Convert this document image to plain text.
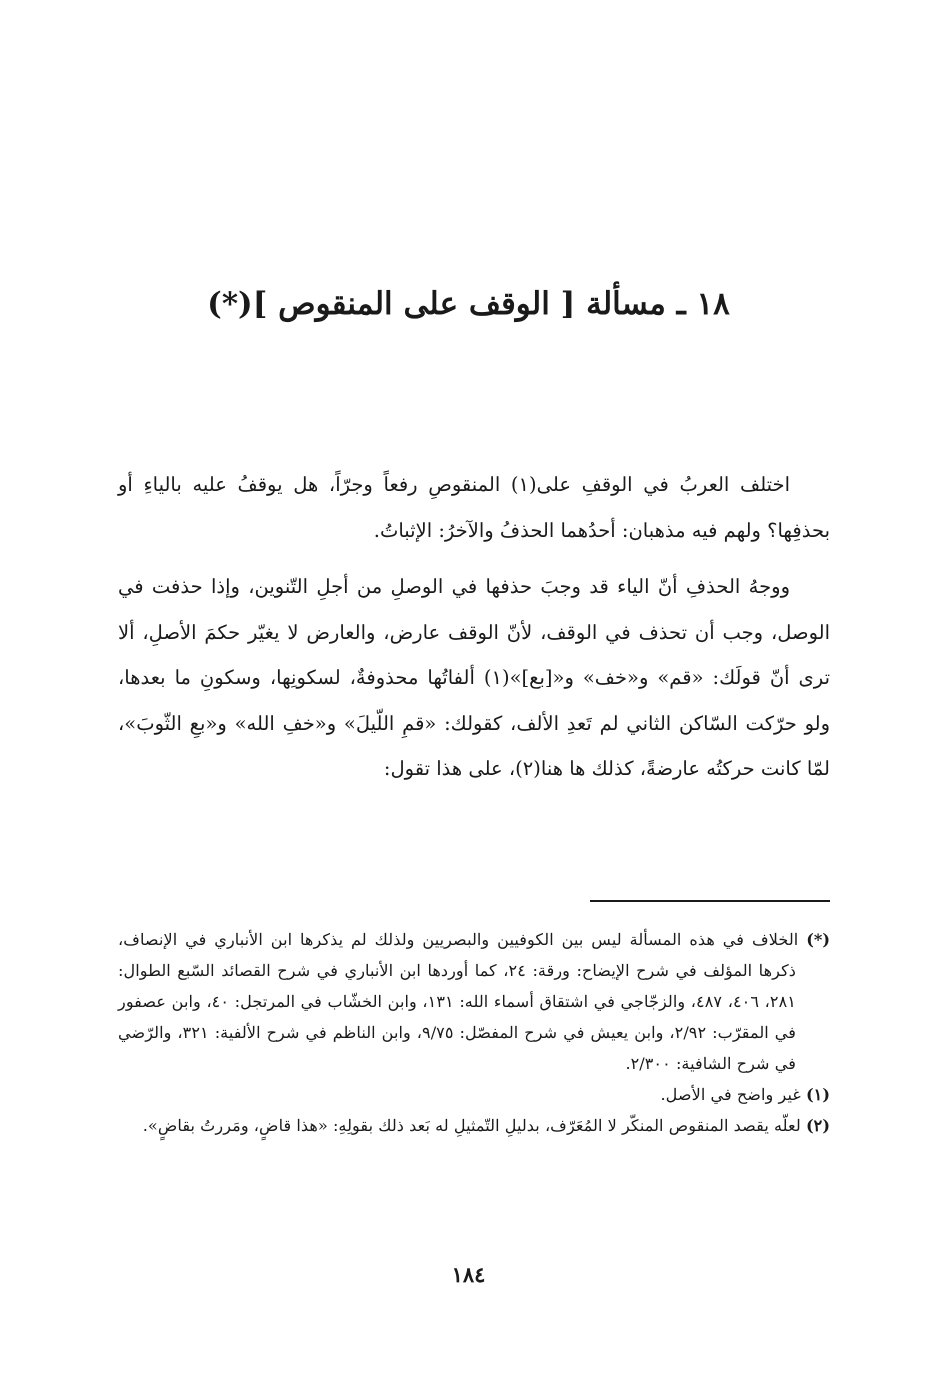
١٨ ـ مسألة [ الوقف على المنقوص ](*)

اختلف العربُ في الوقفِ على(١) المنقوصِ رفعاً وجرّاً، هل يوقفُ عليه بالياءِ أو بحذفِها؟ ولهم فيه مذهبان: أحدُهما الحذفُ والآخرُ: الإثباتُ.

ووجهُ الحذفِ أنّ الياء قد وجبَ حذفها في الوصلِ من أجلِ التّنوين، وإذا حذفت في الوصل، وجب أن تحذف في الوقف، لأنّ الوقف عارض، والعارض لا يغيّر حكمَ الأصلِ، ألا ترى أنّ قولَك: «قم» و«خف» و«[بع]»(١) ألفاتُها محذوفةٌ، لسكونِها، وسكونِ ما بعدها، ولو حرّكت السّاكن الثاني لم تَعدِ الألف، كقولك: «قمِ اللّيلَ» و«خفِ الله» و«بعِ الثّوبَ»، لمّا كانت حركتُه عارضةً، كذلك ها هنا(٢)، على هذا تقول:

(*) الخلاف في هذه المسألة ليس بين الكوفيين والبصريين ولذلك لم يذكرها ابن الأنباري في الإنصاف، ذكرها المؤلف في شرح الإيضاح: ورقة: ٢٤، كما أوردها ابن الأنباري في شرح القصائد السّبع الطوال: ٢٨١، ٤٠٦، ٤٨٧، والزجّاجي في اشتقاق أسماء الله: ١٣١، وابن الخشّاب في المرتجل: ٤٠، وابن عصفور في المقرّب: ٢/٩٢، وابن يعيش في شرح المفصّل: ٩/٧٥، وابن الناظم في شرح الألفية: ٣٢١، والرّضي في شرح الشافية: ٢/٣٠٠.

(١) غير واضح في الأصل.

(٢) لعلّه يقصد المنقوص المنكّر لا المُعَرّف، بدليلِ التّمثيلِ له بَعد ذلك بقولِهِ: «هذا قاضٍ، ومَررتُ بقاضٍ».

١٨٤
